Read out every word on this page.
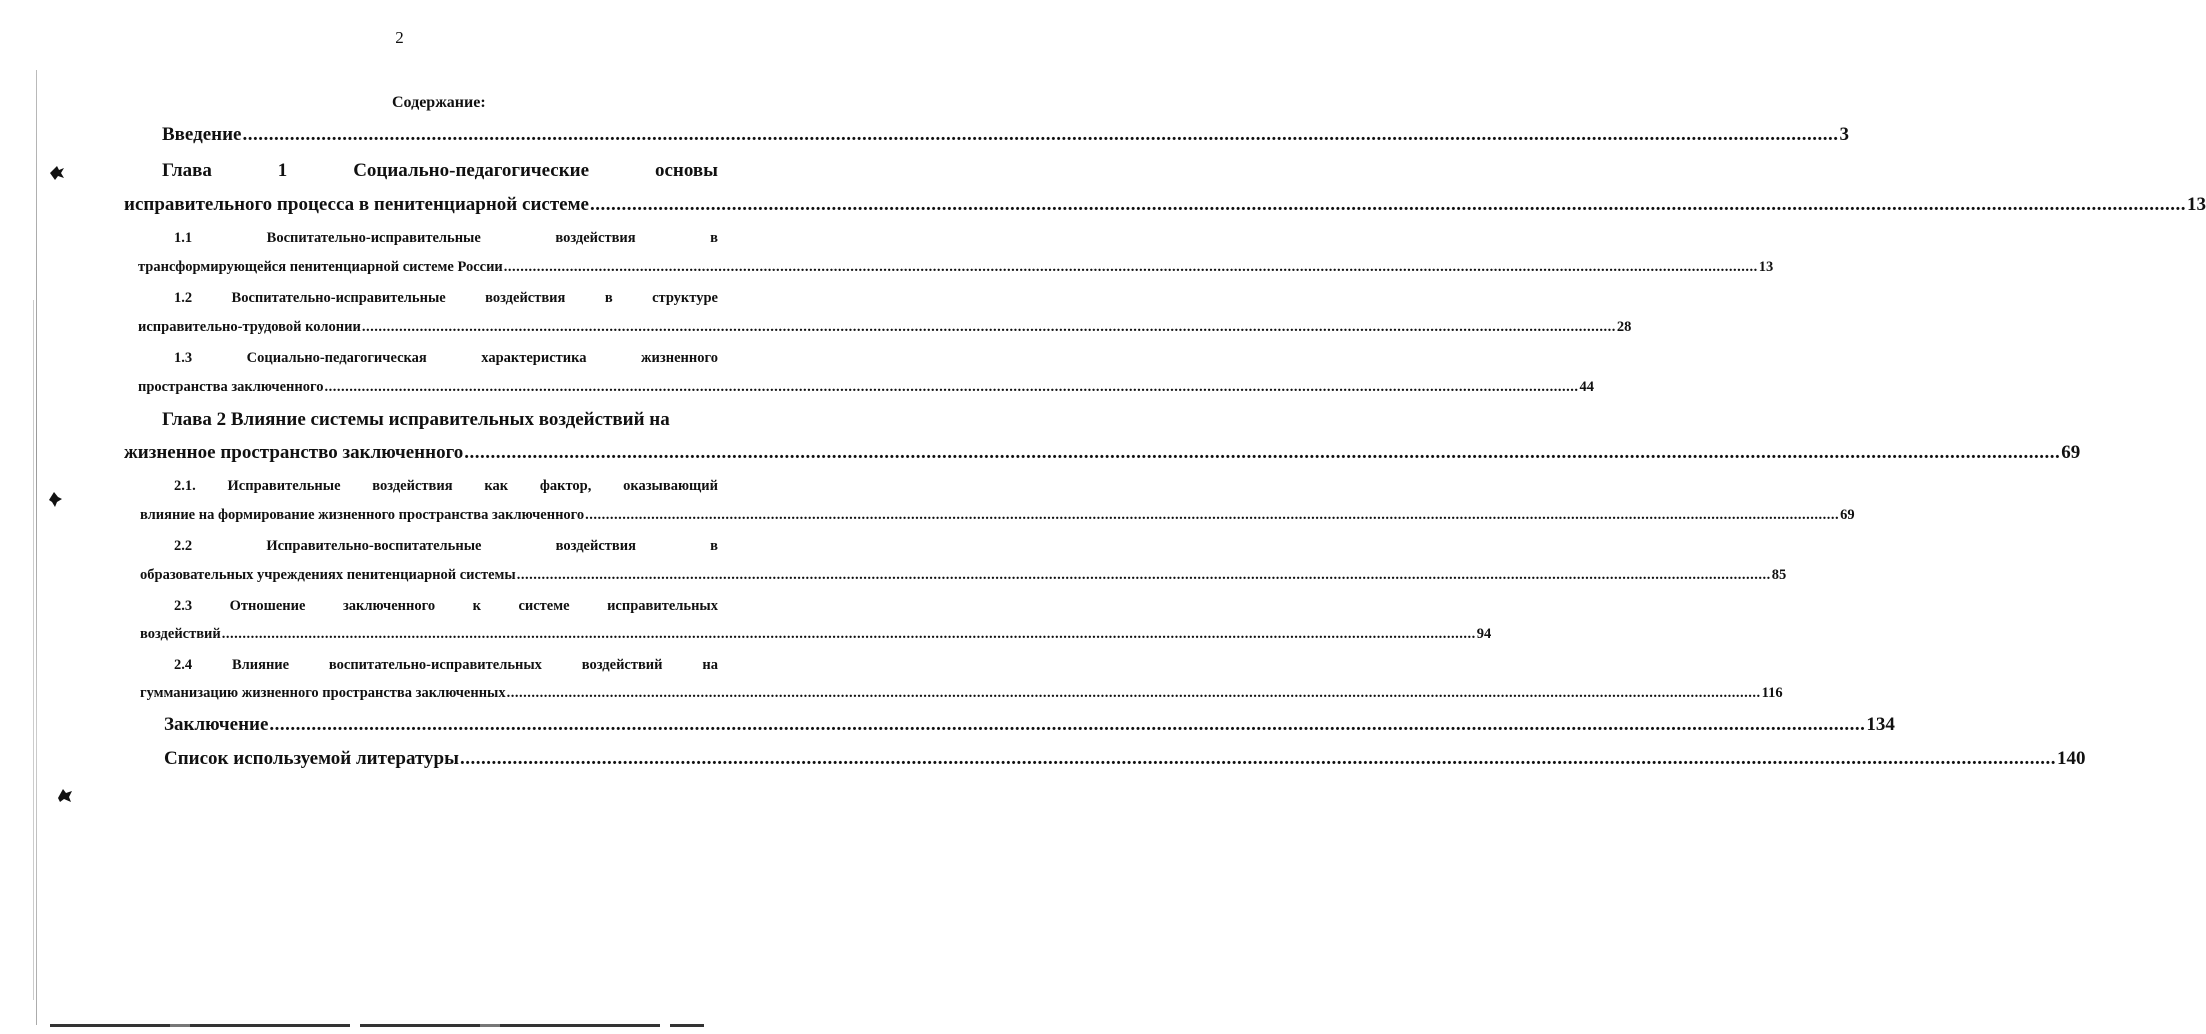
2
Содержание:
Введение ................................................................................................................................................................................................................................................................................................................ 3
Глава	1	Социально-педагогические	основы
исправительного процесса в пенитенциарной системе ................................................................................................................................................................................................................................................................................................................ 13
1.1	Воспитательно-исправительные	воздействия	в
трансформирующейся пенитенциарной системе России ................................................................................................................................................................................................................................................................................................................ 13
1.2	Воспитательно-исправительные	воздействия	в	структуре
исправительно-трудовой колонии ................................................................................................................................................................................................................................................................................................................ 28
1.3	Социально-педагогическая	характеристика	жизненного
пространства заключенного ................................................................................................................................................................................................................................................................................................................ 44
Глава 2 Влияние системы исправительных воздействий на
жизненное пространство заключенного ................................................................................................................................................................................................................................................................................................................ 69
2.1. Исправительные воздействия как фактор, оказывающий
влияние на формирование жизненного пространства заключенного ................................................................................................................................................................................................................................................................................................................ 69
2.2	Исправительно-воспитательные	воздействия	в
образовательных учреждениях пенитенциарной системы ................................................................................................................................................................................................................................................................................................................ 85
2.3	Отношение	заключенного	к	системе	исправительных
воздействий ................................................................................................................................................................................................................................................................................................................ 94
2.4	Влияние	воспитательно-исправительных	воздействий	на
гумманизацию жизненного пространства заключенных ................................................................................................................................................................................................................................................................................................................ 116
Заключение ................................................................................................................................................................................................................................................................................................................ 134
Список используемой литературы ................................................................................................................................................................................................................................................................................................................ 140
